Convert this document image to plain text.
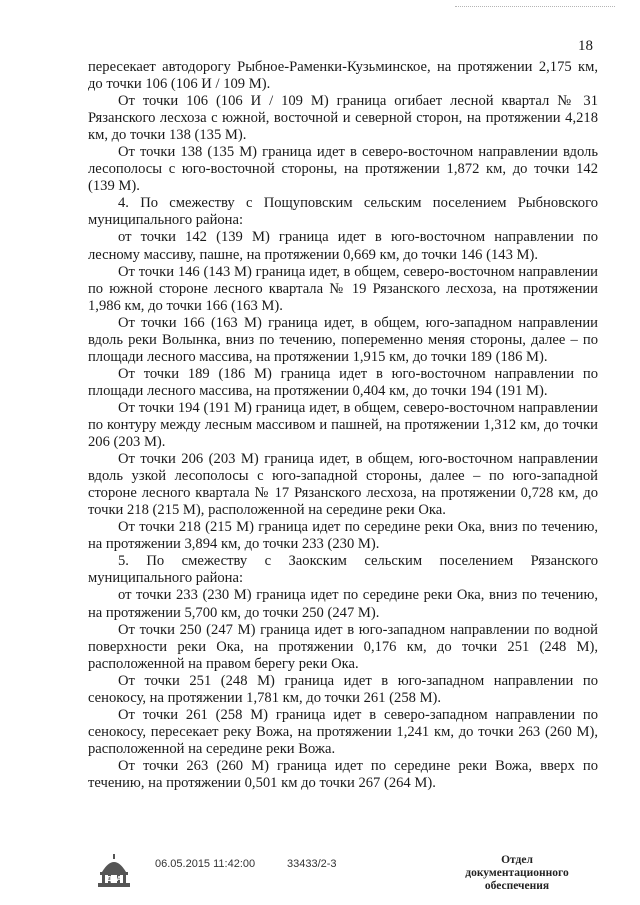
18

пересекает автодорогу Рыбное-Раменки-Кузьминское, на протяжении 2,175 км, до точки 106 (106 И / 109 М).

От точки 106 (106 И / 109 М) граница огибает лесной квартал № 31 Рязанского лесхоза с южной, восточной и северной сторон, на протяжении 4,218 км, до точки 138 (135 М).

От точки 138 (135 М) граница идет в северо-восточном направлении вдоль лесополосы с юго-восточной стороны, на протяжении 1,872 км, до точки 142 (139 М).

4. По смежеству с Пощуповским сельским поселением Рыбновского муниципального района:

от точки 142 (139 М) граница идет в юго-восточном направлении по лесному массиву, пашне, на протяжении 0,669 км, до точки 146 (143 М).

От точки 146 (143 М) граница идет, в общем, северо-восточном направлении по южной стороне лесного квартала № 19 Рязанского лесхоза, на протяжении 1,986 км, до точки 166 (163 М).

От точки 166 (163 М) граница идет, в общем, юго-западном направлении вдоль реки Волынка, вниз по течению, попеременно меняя стороны, далее – по площади лесного массива, на протяжении 1,915 км, до точки 189 (186 М).

От точки 189 (186 М) граница идет в юго-восточном направлении по площади лесного массива, на протяжении 0,404 км, до точки 194 (191 М).

От точки 194 (191 М) граница идет, в общем, северо-восточном направлении по контуру между лесным массивом и пашней, на протяжении 1,312 км, до точки 206 (203 М).

От точки 206 (203 М) граница идет, в общем, юго-восточном направлении вдоль узкой лесополосы с юго-западной стороны, далее – по юго-западной стороне лесного квартала № 17 Рязанского лесхоза, на протяжении 0,728 км, до точки 218 (215 М), расположенной на середине реки Ока.

От точки 218 (215 М) граница идет по середине реки Ока, вниз по течению, на протяжении 3,894 км, до точки 233 (230 М).

5. По смежеству с Заокским сельским поселением Рязанского муниципального района:

от точки 233 (230 М) граница идет по середине реки Ока, вниз по течению, на протяжении 5,700 км, до точки 250 (247 М).

От точки 250 (247 М) граница идет в юго-западном направлении по водной поверхности реки Ока, на протяжении 0,176 км, до точки 251 (248 М), расположенной на правом берегу реки Ока.

От точки 251 (248 М) граница идет в юго-западном направлении по сенокосу, на протяжении 1,781 км, до точки 261 (258 М).

От точки 261 (258 М) граница идет в северо-западном направлении по сенокосу, пересекает реку Вожа, на протяжении 1,241 км, до точки 263 (260 М), расположенной на середине реки Вожа.

От точки 263 (260 М) граница идет по середине реки Вожа, вверх по течению, на протяжении 0,501 км до точки 267 (264 М).

ДИА
06.05.2015 11:42:00	33433/2-3	Отдел документационного
обеспечения
